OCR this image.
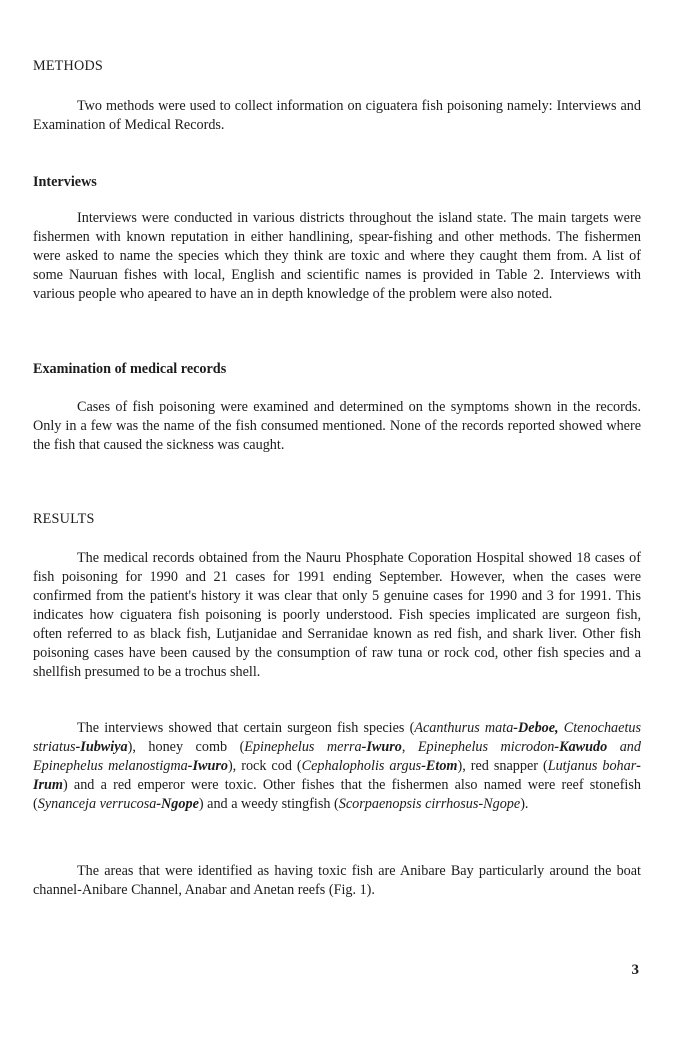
METHODS

Two methods were used to collect information on ciguatera fish poisoning namely: Interviews and Examination of Medical Records.

Interviews

Interviews were conducted in various districts throughout the island state. The main targets were fishermen with known reputation in either handlining, spear-fishing and other methods. The fishermen were asked to name the species which they think are toxic and where they caught them from. A list of some Nauruan fishes with local, English and scientific names is provided in Table 2. Interviews with various people who apeared to have an in depth knowledge of the problem were also noted.

Examination of medical records

Cases of fish poisoning were examined and determined on the symptoms shown in the records. Only in a few was the name of the fish consumed mentioned. None of the records reported showed where the fish that caused the sickness was caught.

RESULTS

The medical records obtained from the Nauru Phosphate Coporation Hospital showed 18 cases of fish poisoning for 1990 and 21 cases for 1991 ending September. However, when the cases were confirmed from the patient's history it was clear that only 5 genuine cases for 1990 and 3 for 1991. This indicates how ciguatera fish poisoning is poorly understood. Fish species implicated are surgeon fish, often referred to as black fish, Lutjanidae and Serranidae known as red fish, and shark liver. Other fish poisoning cases have been caused by the consumption of raw tuna or rock cod, other fish species and a shellfish presumed to be a trochus shell.

The interviews showed that certain surgeon fish species (Acanthurus mata-Deboe, Ctenochaetus striatus-Iubwiya), honey comb (Epinephelus merra-Iwuro, Epinephelus microdon-Kawudo and Epinephelus melanostigma-Iwuro), rock cod (Cephalopholis argus-Etom), red snapper (Lutjanus bohar-Irum) and a red emperor were toxic. Other fishes that the fishermen also named were reef stonefish (Synanceja verrucosa-Ngope) and a weedy stingfish (Scorpaenopsis cirrhosus-Ngope).

The areas that were identified as having toxic fish are Anibare Bay particularly around the boat channel-Anibare Channel, Anabar and Anetan reefs (Fig. 1).

3
